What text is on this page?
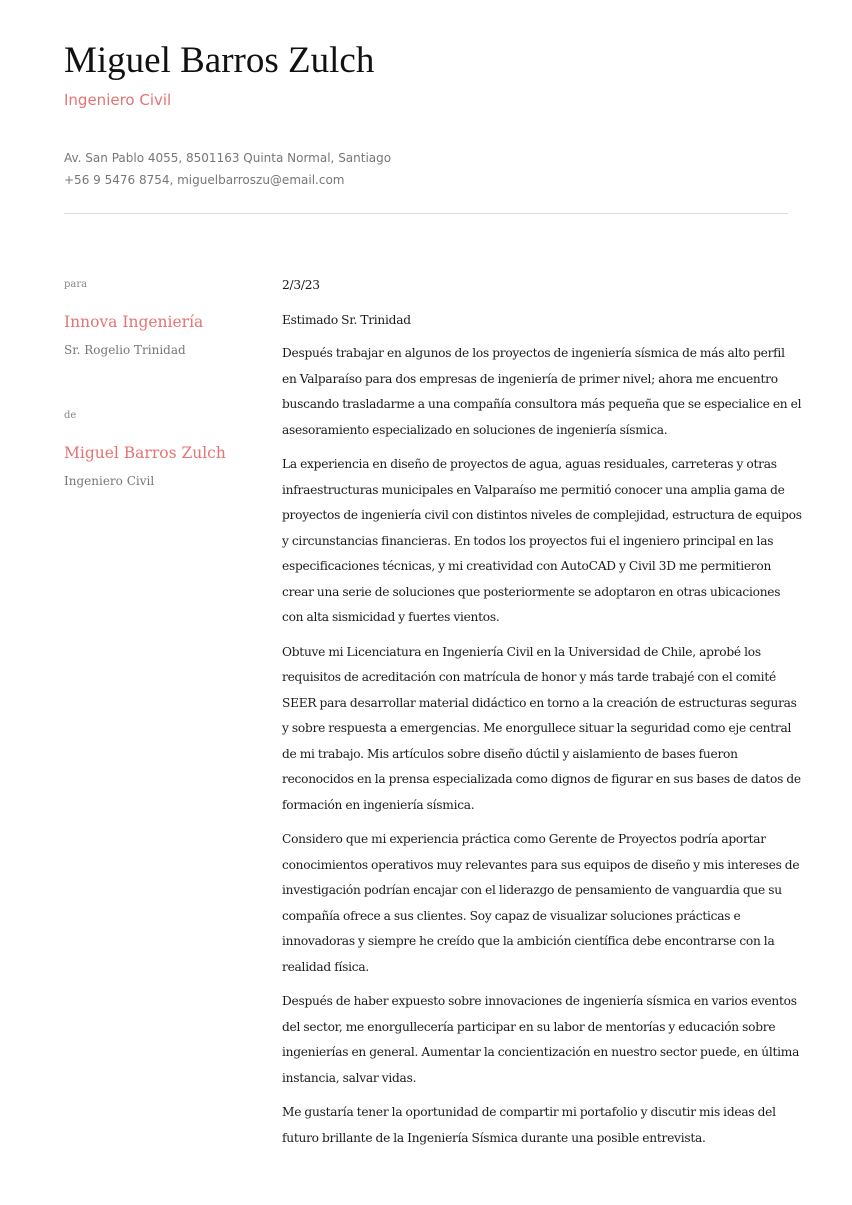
Miguel Barros Zulch
Ingeniero Civil
Av. San Pablo 4055, 8501163 Quinta Normal, Santiago
+56 9 5476 8754, miguelbarroszu@email.com
para
Innova Ingeniería
Sr. Rogelio Trinidad
de
Miguel Barros Zulch
Ingeniero Civil
2/3/23
Estimado Sr. Trinidad

Después trabajar en algunos de los proyectos de ingeniería sísmica de más alto perfil en Valparaíso para dos empresas de ingeniería de primer nivel; ahora me encuentro buscando trasladarme a una compañía consultora más pequeña que se especialice en el asesoramiento especializado en soluciones de ingeniería sísmica.

La experiencia en diseño de proyectos de agua, aguas residuales, carreteras y otras infraestructuras municipales en Valparaíso me permitió conocer una amplia gama de proyectos de ingeniería civil con distintos niveles de complejidad, estructura de equipos y circunstancias financieras. En todos los proyectos fui el ingeniero principal en las especificaciones técnicas, y mi creatividad con AutoCAD y Civil 3D me permitieron crear una serie de soluciones que posteriormente se adoptaron en otras ubicaciones con alta sismicidad y fuertes vientos.

Obtuve mi Licenciatura en Ingeniería Civil en la Universidad de Chile, aprobé los requisitos de acreditación con matrícula de honor y más tarde trabajé con el comité SEER para desarrollar material didáctico en torno a la creación de estructuras seguras y sobre respuesta a emergencias. Me enorgullece situar la seguridad como eje central de mi trabajo. Mis artículos sobre diseño dúctil y aislamiento de bases fueron reconocidos en la prensa especializada como dignos de figurar en sus bases de datos de formación en ingeniería sísmica.

Considero que mi experiencia práctica como Gerente de Proyectos podría aportar conocimientos operativos muy relevantes para sus equipos de diseño y mis intereses de investigación podrían encajar con el liderazgo de pensamiento de vanguardia que su compañía ofrece a sus clientes. Soy capaz de visualizar soluciones prácticas e innovadoras y siempre he creído que la ambición científica debe encontrarse con la realidad física.

Después de haber expuesto sobre innovaciones de ingeniería sísmica en varios eventos del sector, me enorgullecería participar en su labor de mentorías y educación sobre ingenierías en general. Aumentar la concientización en nuestro sector puede, en última instancia, salvar vidas.

Me gustaría tener la oportunidad de compartir mi portafolio y discutir mis ideas del futuro brillante de la Ingeniería Sísmica durante una posible entrevista.
